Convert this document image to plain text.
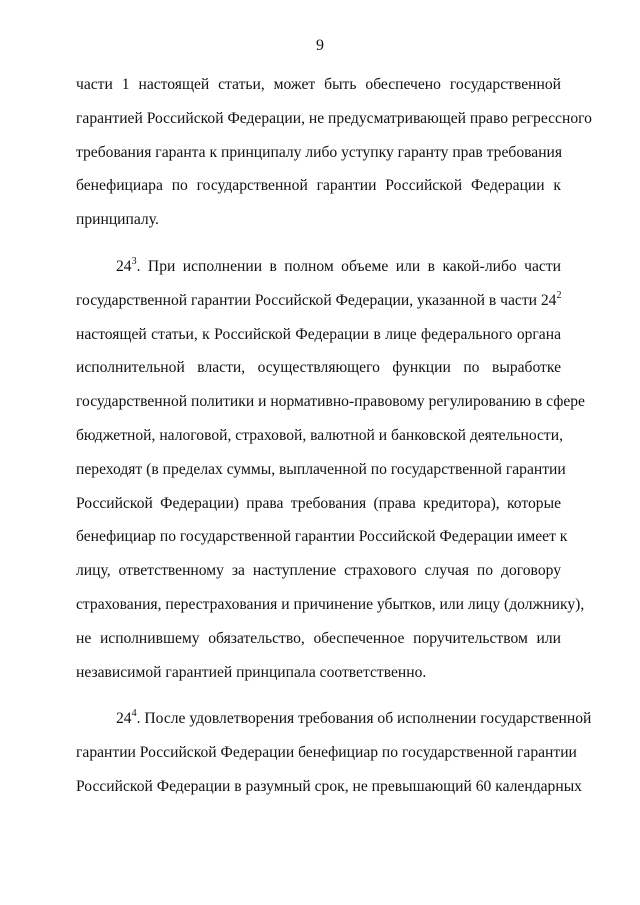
9
части 1 настоящей статьи, может быть обеспечено государственной
гарантией Российской Федерации, не предусматривающей право регрессного
требования гаранта к принципалу либо уступку гаранту прав требования
бенефициара по государственной гарантии Российской Федерации к
принципалу.
$24^3$. При исполнении в полном объеме или в какой-либо части
государственной гарантии Российской Федерации, указанной в части $24^2$
настоящей статьи, к Российской Федерации в лице федерального органа
исполнительной власти, осуществляющего функции по выработке
государственной политики и нормативно-правовому регулированию в сфере
бюджетной, налоговой, страховой, валютной и банковской деятельности,
переходят (в пределах суммы, выплаченной по государственной гарантии
Российской Федерации) права требования (права кредитора), которые
бенефициар по государственной гарантии Российской Федерации имеет к
лицу, ответственному за наступление страхового случая по договору
страхования, перестрахования и причинение убытков, или лицу (должнику),
не исполнившему обязательство, обеспеченное поручительством или
независимой гарантией принципала соответственно.
$24^4$. После удовлетворения требования об исполнении государственной
гарантии Российской Федерации бенефициар по государственной гарантии
Российской Федерации в разумный срок, не превышающий 60 календарных
